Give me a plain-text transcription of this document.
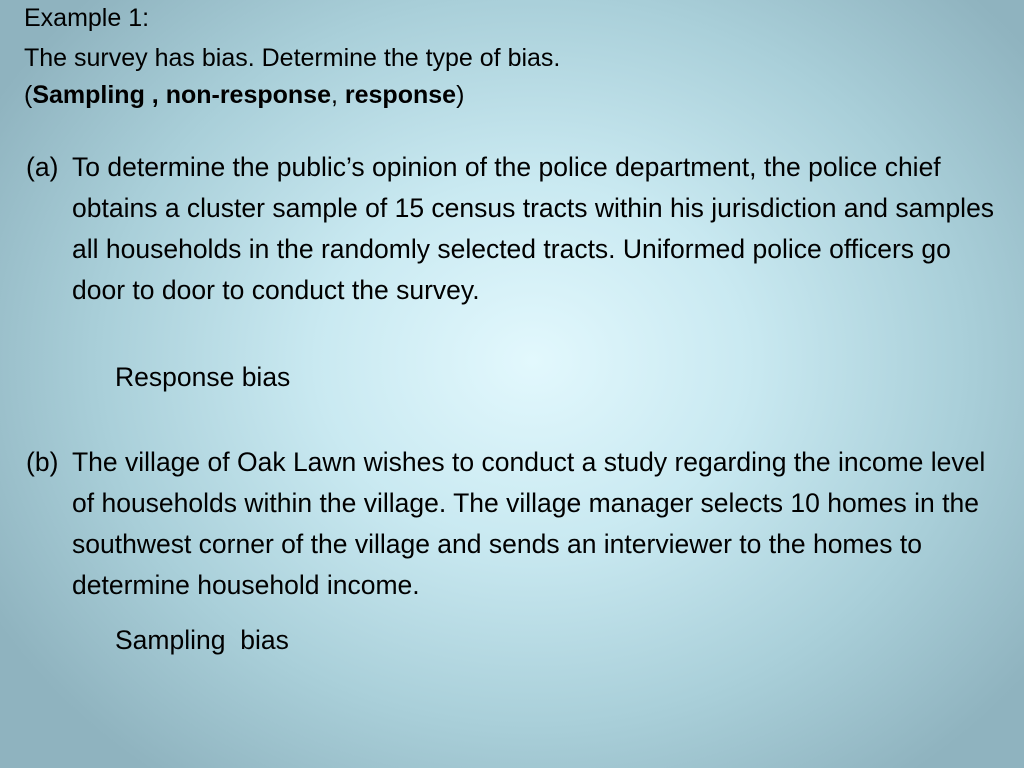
Example 1:
The survey has bias. Determine the type of bias.
(Sampling , non-response, response)
(a) To determine the public’s opinion of the police department, the police chief obtains a cluster sample of 15 census tracts within his jurisdiction and samples all households in the randomly selected tracts. Uniformed police officers go door to door to conduct the survey.
Response bias
(b) The village of Oak Lawn wishes to conduct a study regarding the income level of households within the village. The village manager selects 10 homes in the southwest corner of the village and sends an interviewer to the homes to determine household income.
Sampling  bias
